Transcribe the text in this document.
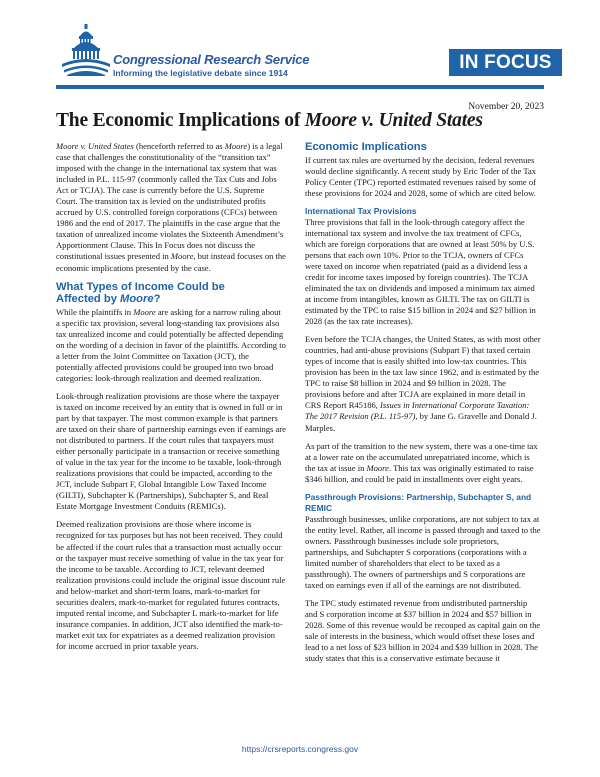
Congressional Research Service
Informing the legislative debate since 1914	IN FOCUS
November 20, 2023
The Economic Implications of Moore v. United States

Moore v. United States (henceforth referred to as Moore) is a legal case that challenges the constitutionality of the “transition tax” imposed with the change in the international tax system that was included in P.L. 115-97 (commonly called the Tax Cuts and Jobs Act or TCJA). The case is currently before the U.S. Supreme Court. The transition tax is levied on the undistributed profits accrued by U.S. controlled foreign corporations (CFCs) between 1986 and the end of 2017. The plaintiffs in the case argue that the taxation of unrealized income violates the Sixteenth Amendment’s Apportionment Clause. This In Focus does not discuss the constitutional issues presented in Moore, but instead focuses on the economic implications presented by the case.

What Types of Income Could be
Affected by Moore?

While the plaintiffs in Moore are asking for a narrow ruling about a specific tax provision, several long-standing tax provisions also tax unrealized income and could potentially be affected depending on the wording of a decision in favor of the plaintiffs. According to a letter from the Joint Committee on Taxation (JCT), the potentially affected provisions could be grouped into two broad categories: look-through realization and deemed realization.

Look-through realization provisions are those where the taxpayer is taxed on income received by an entity that is owned in full or in part by that taxpayer. The most common example is that partners are taxed on their share of partnership earnings even if earnings are not distributed to partners. If the court rules that taxpayers must either personally participate in a transaction or receive something of value in the tax year for the income to be taxable, look-through realizations provisions that could be impacted, according to the JCT, include Subpart F, Global Intangible Low Taxed Income (GILTI), Subchapter K (Partnerships), Subchapter S, and Real Estate Mortgage Investment Conduits (REMICs).

Deemed realization provisions are those where income is recognized for tax purposes but has not been received. They could be affected if the court rules that a transaction must actually occur or the taxpayer must receive something of value in the tax year for the income to be taxable. According to JCT, relevant deemed realization provisions could include the original issue discount rule and below-market and short-term loans, mark-to-market for securities dealers, mark-to-market for regulated futures contracts, imputed rental income, and Subchapter L mark-to-market for life insurance companies. In addition, JCT also identified the mark-to-market exit tax for expatriates as a deemed realization provision for income accrued in prior taxable years.

Economic Implications

If current tax rules are overturned by the decision, federal revenues would decline significantly. A recent study by Eric Toder of the Tax Policy Center (TPC) reported estimated revenues raised by some of these provisions for 2024 and 2028, some of which are cited below.

International Tax Provisions

Three provisions that fall in the look-through category affect the international tax system and involve the tax treatment of CFCs, which are foreign corporations that are owned at least 50% by U.S. persons that each own 10%. Prior to the TCJA, owners of CFCs were taxed on income when repatriated (paid as a dividend less a credit for income taxes imposed by foreign countries). The TCJA eliminated the tax on dividends and imposed a minimum tax aimed at income from intangibles, known as GILTI. The tax on GILTI is estimated by the TPC to raise $15 billion in 2024 and $27 billion in 2028 (as the tax rate increases).

Even before the TCJA changes, the United States, as with most other countries, had anti-abuse provisions (Subpart F) that taxed certain types of income that is easily shifted into low-tax countries. This provision has been in the tax law since 1962, and is estimated by the TPC to raise $8 billion in 2024 and $9 billion in 2028. The provisions before and after TCJA are explained in more detail in CRS Report R45186, Issues in International Corporate Taxation: The 2017 Revision (P.L. 115-97), by Jane G. Gravelle and Donald J. Marples.

As part of the transition to the new system, there was a one-time tax at a lower rate on the accumulated unrepatriated income, which is the tax at issue in Moore. This tax was originally estimated to raise $346 billion, and could be paid in installments over eight years.

Passthrough Provisions: Partnership, Subchapter S, and REMIC

Passthrough businesses, unlike corporations, are not subject to tax at the entity level. Rather, all income is passed through and taxed to the owners. Passthrough businesses include sole proprietors, partnerships, and Subchapter S corporations (corporations with a limited number of shareholders that elect to be taxed as a passthrough). The owners of partnerships and S corporations are taxed on earnings even if all of the earnings are not distributed.

The TPC study estimated revenue from undistributed partnership and S corporation income at $37 billion in 2024 and $57 billion in 2028. Some of this revenue would be recouped as capital gain on the sale of interests in the business, which would offset these loses and lead to a net loss of $23 billion in 2024 and $39 billion in 2028. The study states that this is a conservative estimate because it

https://crsreports.congress.gov
